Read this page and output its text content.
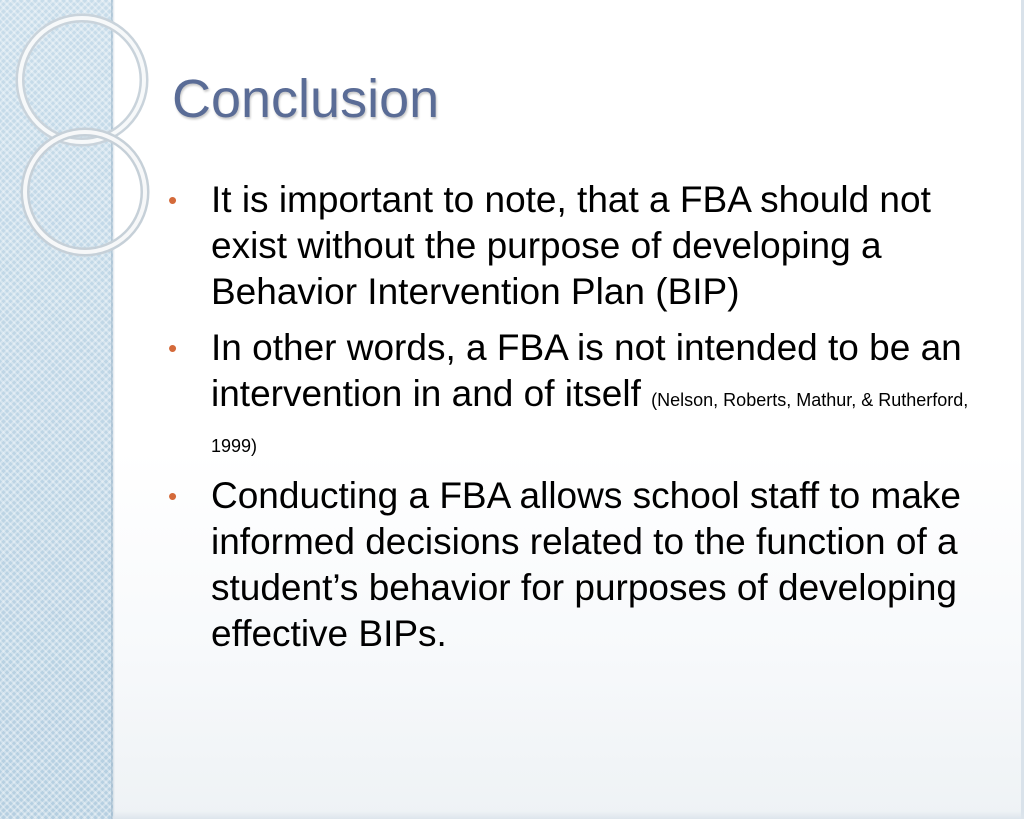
Conclusion
• It is important to note, that a FBA should not exist without the purpose of developing a Behavior Intervention Plan (BIP)
• In other words, a FBA is not intended to be an intervention in and of itself (Nelson, Roberts, Mathur, & Rutherford, 1999)
• Conducting a FBA allows school staff to make informed decisions related to the function of a student’s behavior for purposes of developing effective BIPs.
